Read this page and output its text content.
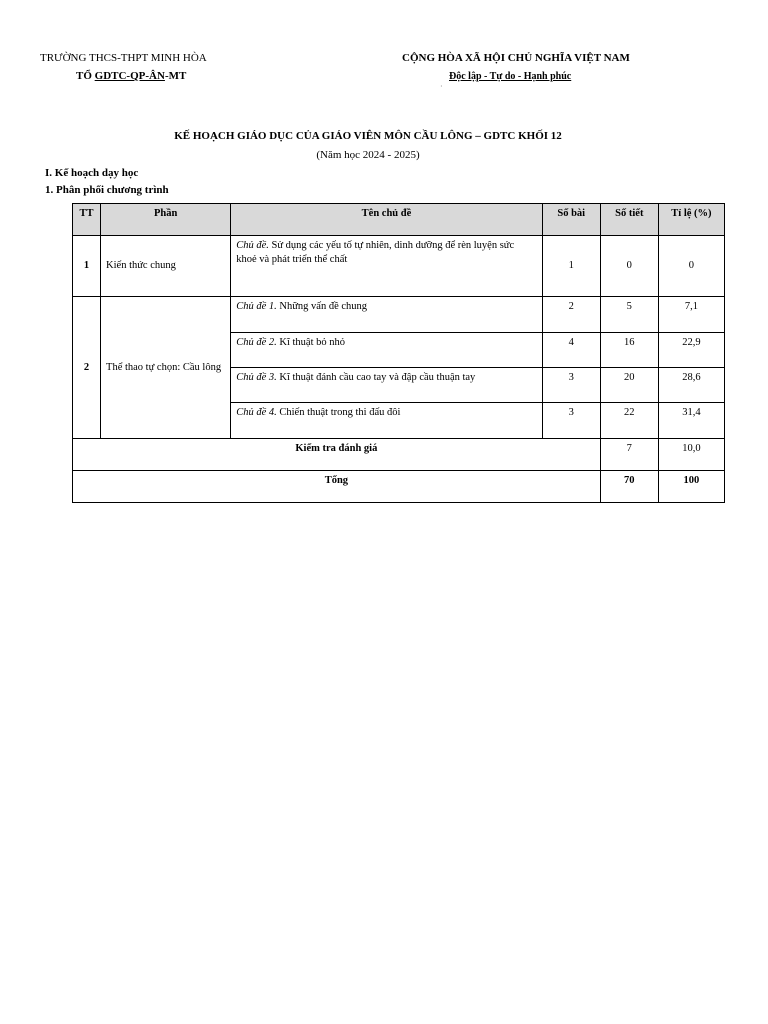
TRƯỜNG THCS-THPT MINH HÒA
TỔ GDTC-QP-ÂN-MT
CỘNG HÒA XÃ HỘI CHỦ NGHĨA VIỆT NAM
Độc lập - Tự do - Hạnh phúc
·
KẾ HOẠCH GIÁO DỤC CỦA GIÁO VIÊN MÔN CẦU LÔNG – GDTC KHỐI 12
(Năm học 2024 - 2025)
I. Kế hoạch dạy học
1. Phân phối chương trình
TT	Phần	Tên chủ đề	Số bài	Số tiết	Tỉ lệ (%)
1	Kiến thức chung	Chủ đề. Sử dụng các yếu tố tự nhiên, dinh dưỡng để rèn luyện sức khoẻ và phát triển thể chất	1	0	0
2	Thể thao tự chọn: Cầu lông	Chủ đề 1. Những vấn đề chung	2	5	7,1
		Chủ đề 2. Kĩ thuật bỏ nhỏ	4	16	22,9
		Chủ đề 3. Kĩ thuật đánh cầu cao tay và đập cầu thuận tay	3	20	28,6
		Chủ đề 4. Chiến thuật trong thi đấu đôi	3	22	31,4
Kiểm tra đánh giá				7	10,0
Tổng				70	100
